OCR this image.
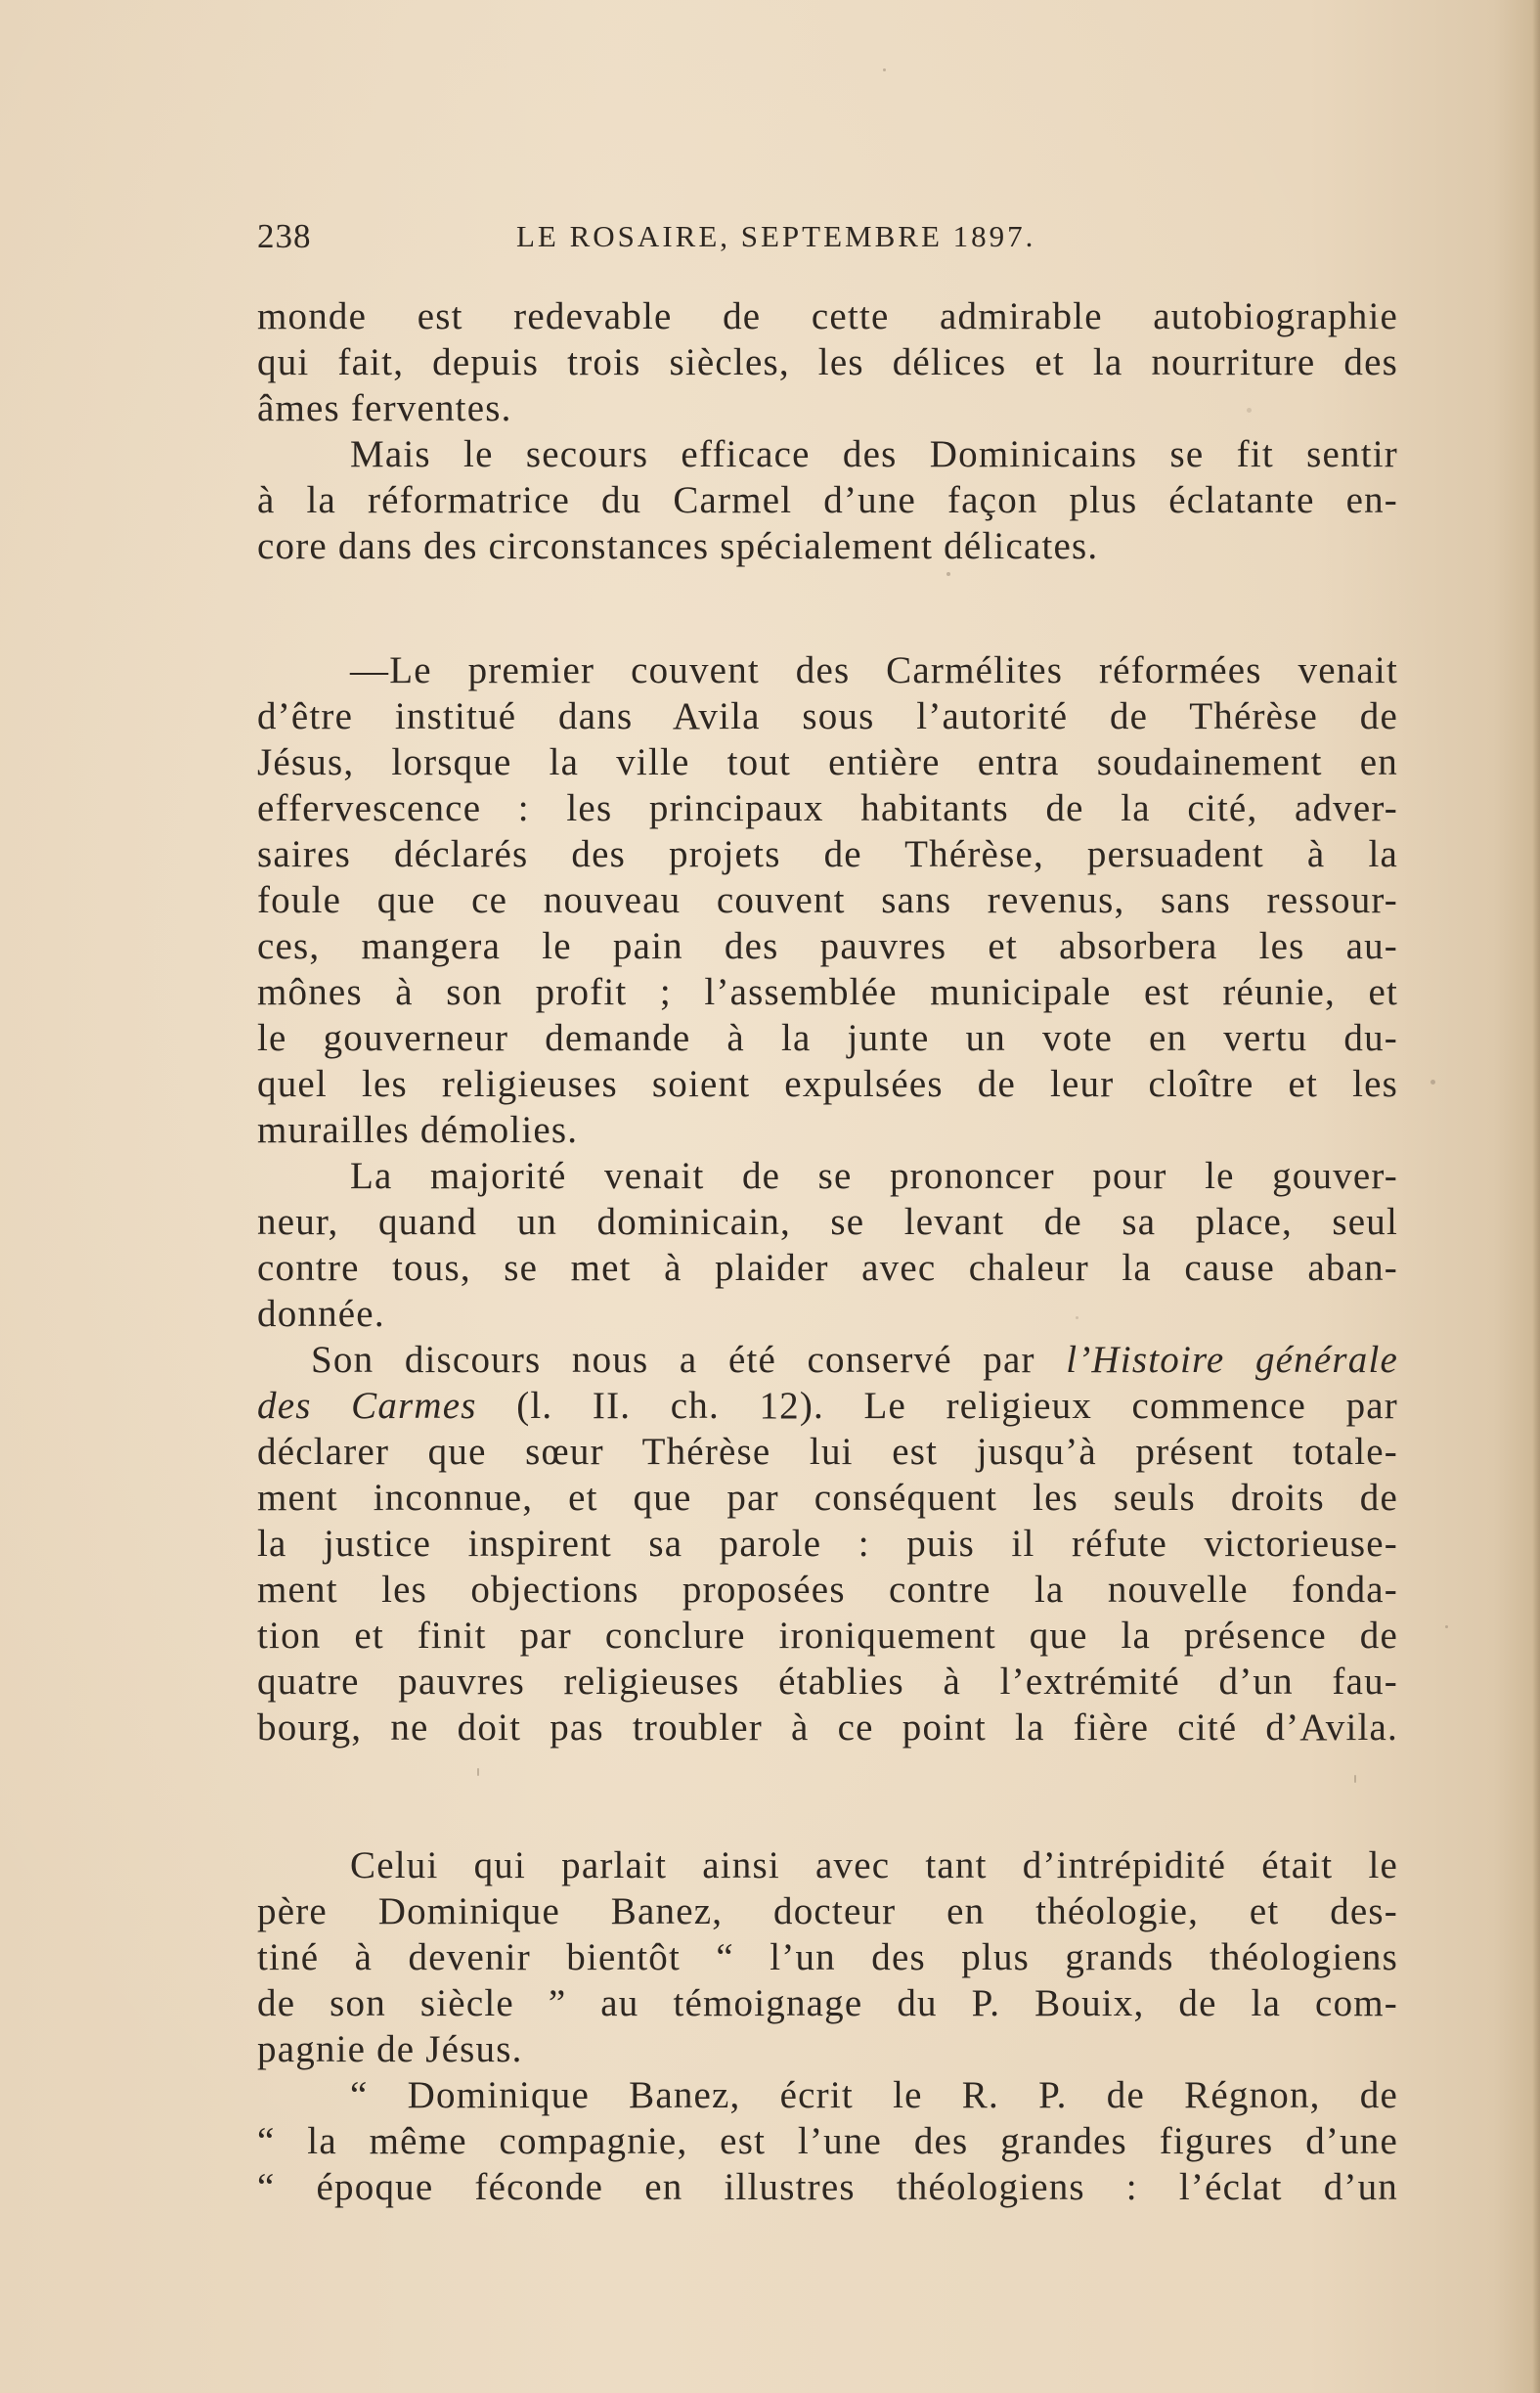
238	LE ROSAIRE, SEPTEMBRE 1897.
monde est redevable de cette admirable autobiographie
qui fait, depuis trois siècles, les délices et la nourriture des
âmes ferventes.
Mais le secours efficace des Dominicains se fit sentir
à la réformatrice du Carmel d’une façon plus éclatante en-
core dans des circonstances spécialement délicates.
—Le premier couvent des Carmélites réformées venait
d’être institué dans Avila sous l’autorité de Thérèse de
Jésus, lorsque la ville tout entière entra soudainement en
effervescence : les principaux habitants de la cité, adver-
saires déclarés des projets de Thérèse, persuadent à la
foule que ce nouveau couvent sans revenus, sans ressour-
ces, mangera le pain des pauvres et absorbera les au-
mônes à son profit ; l’assemblée municipale est réunie, et
le gouverneur demande à la junte un vote en vertu du-
quel les religieuses soient expulsées de leur cloître et les
murailles démolies.
La majorité venait de se prononcer pour le gouver-
neur, quand un dominicain, se levant de sa place, seul
contre tous, se met à plaider avec chaleur la cause aban-
donnée.
Son discours nous a été conservé par l’Histoire générale
des Carmes (l. II. ch. 12). Le religieux commence par
déclarer que sœur Thérèse lui est jusqu’à présent totale-
ment inconnue, et que par conséquent les seuls droits de
la justice inspirent sa parole : puis il réfute victorieuse-
ment les objections proposées contre la nouvelle fonda-
tion et finit par conclure ironiquement que la présence de
quatre pauvres religieuses établies à l’extrémité d’un fau-
bourg, ne doit pas troubler à ce point la fière cité d’Avila.
Celui qui parlait ainsi avec tant d’intrépidité était le
père Dominique Banez, docteur en théologie, et des-
tiné à devenir bientôt “ l’un des plus grands théologiens
de son siècle ” au témoignage du P. Bouix, de la com-
pagnie de Jésus.
“ Dominique Banez, écrit le R. P. de Régnon, de
“ la même compagnie, est l’une des grandes figures d’une
“ époque féconde en illustres théologiens : l’éclat d’un
